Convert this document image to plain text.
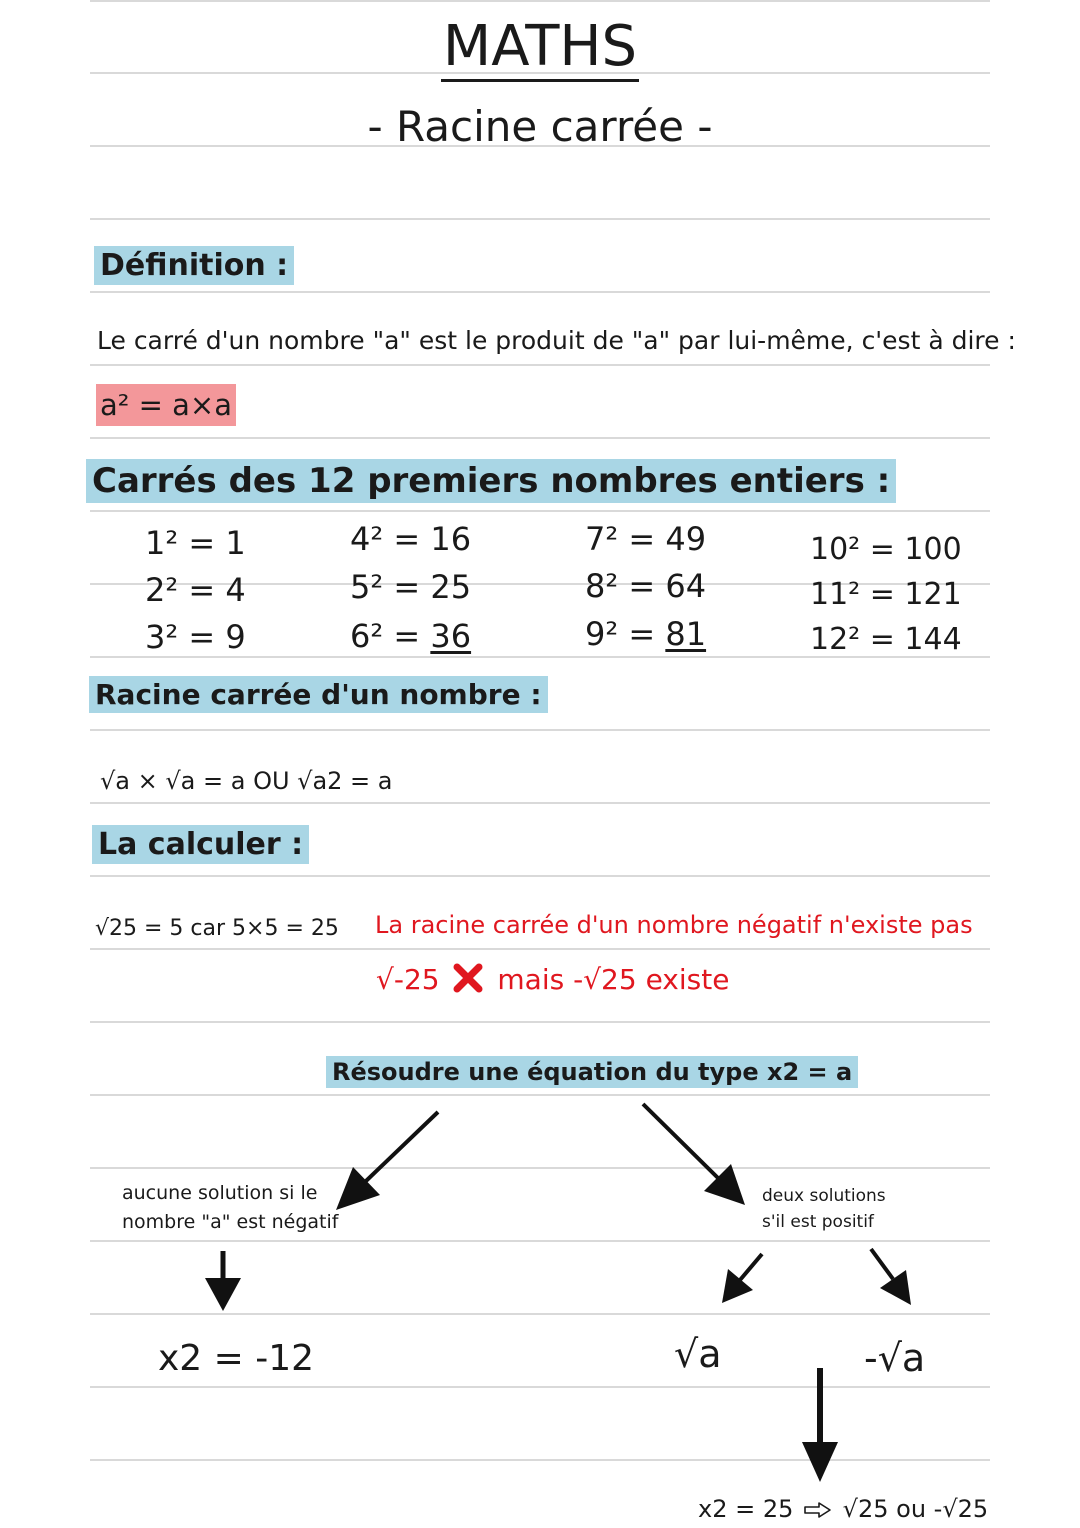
MATHS
- Racine carrée -
Définition :
Le carré d'un nombre "a" est le produit de "a" par lui-même, c'est à dire :
a² = a×a
Carrés des 12 premiers nombres entiers :
1² = 1
2² = 4
3² = 9
4² = 16
5² = 25
6² = 36
7² = 49
8² = 64
9² = 81
10² = 100
11² = 121
12² = 144
Racine carrée d'un nombre :
√a × √a = a OU √a2 = a
La calculer :
√25 = 5 car 5×5 = 25 La racine carrée d'un nombre négatif n'existe pas
√-25 mais -√25 existe
Résoudre une équation du type x2 = a
aucune solution si le
nombre "a" est négatif
deux solutions
s'il est positif
x2 = -12	√a	-√a
x2 = 25 √25 ou -√25
